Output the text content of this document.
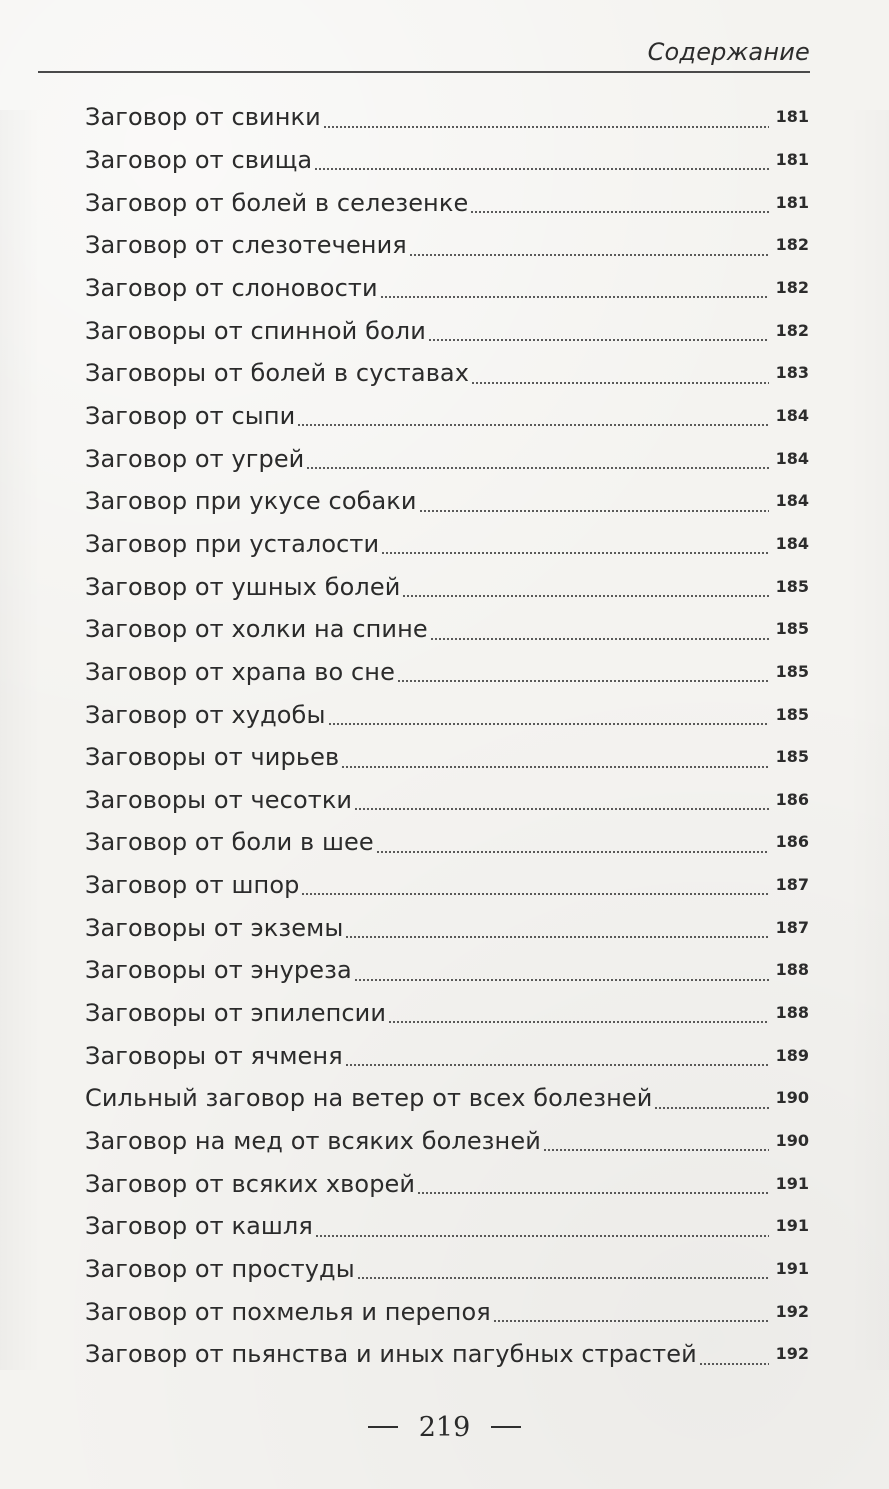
Содержание
Заговор от свинки	181
Заговор от свища	181
Заговор от болей в селезенке	181
Заговор от слезотечения	182
Заговор от слоновости	182
Заговоры от спинной боли	182
Заговоры от болей в суставах	183
Заговор от сыпи	184
Заговор от угрей	184
Заговор при укусе собаки	184
Заговор при усталости	184
Заговор от ушных болей	185
Заговор от холки на спине	185
Заговор от храпа во сне	185
Заговор от худобы	185
Заговоры от чирьев	185
Заговоры от чесотки	186
Заговор от боли в шее	186
Заговор от шпор	187
Заговоры от экземы	187
Заговоры от энуреза	188
Заговоры от эпилепсии	188
Заговоры от ячменя	189
Сильный заговор на ветер от всех болезней	190
Заговор на мед от всяких болезней	190
Заговор от всяких хворей	191
Заговор от кашля	191
Заговор от простуды	191
Заговор от похмелья и перепоя	192
Заговор от пьянства и иных пагубных страстей	192
219
